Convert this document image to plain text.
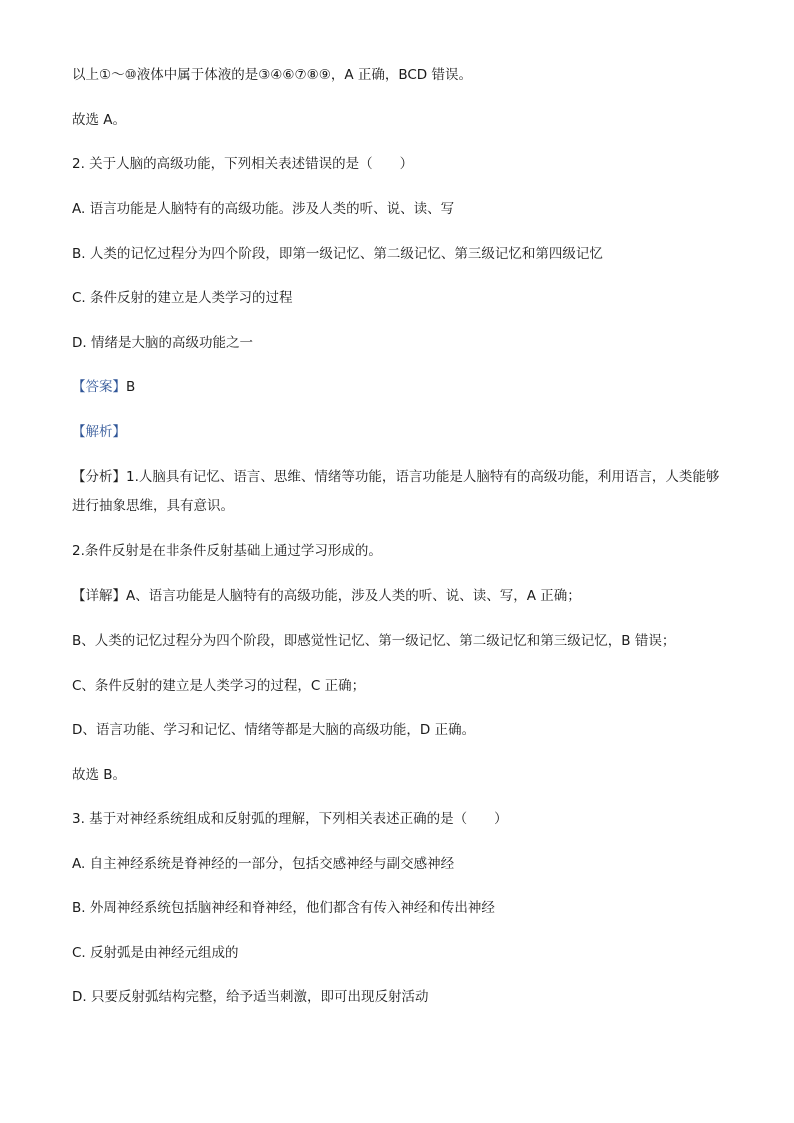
以上①～⑩液体中属于体液的是③④⑥⑦⑧⑨，A 正确，BCD 错误。
故选 A。
2. 关于人脑的高级功能，下列相关表述错误的是（　　）
A. 语言功能是人脑特有的高级功能。涉及人类的听、说、读、写
B. 人类的记忆过程分为四个阶段，即第一级记忆、第二级记忆、第三级记忆和第四级记忆
C. 条件反射的建立是人类学习的过程
D. 情绪是大脑的高级功能之一
【答案】B
【解析】
【分析】1.人脑具有记忆、语言、思维、情绪等功能，语言功能是人脑特有的高级功能，利用语言，人类能够进行抽象思维，具有意识。
2.条件反射是在非条件反射基础上通过学习形成的。
【详解】A、语言功能是人脑特有的高级功能，涉及人类的听、说、读、写，A 正确；
B、人类的记忆过程分为四个阶段，即感觉性记忆、第一级记忆、第二级记忆和第三级记忆，B 错误；
C、条件反射的建立是人类学习的过程，C 正确；
D、语言功能、学习和记忆、情绪等都是大脑的高级功能，D 正确。
故选 B。
3. 基于对神经系统组成和反射弧的理解，下列相关表述正确的是（　　）
A. 自主神经系统是脊神经的一部分，包括交感神经与副交感神经
B. 外周神经系统包括脑神经和脊神经，他们都含有传入神经和传出神经
C. 反射弧是由神经元组成的
D. 只要反射弧结构完整，给予适当刺激，即可出现反射活动
